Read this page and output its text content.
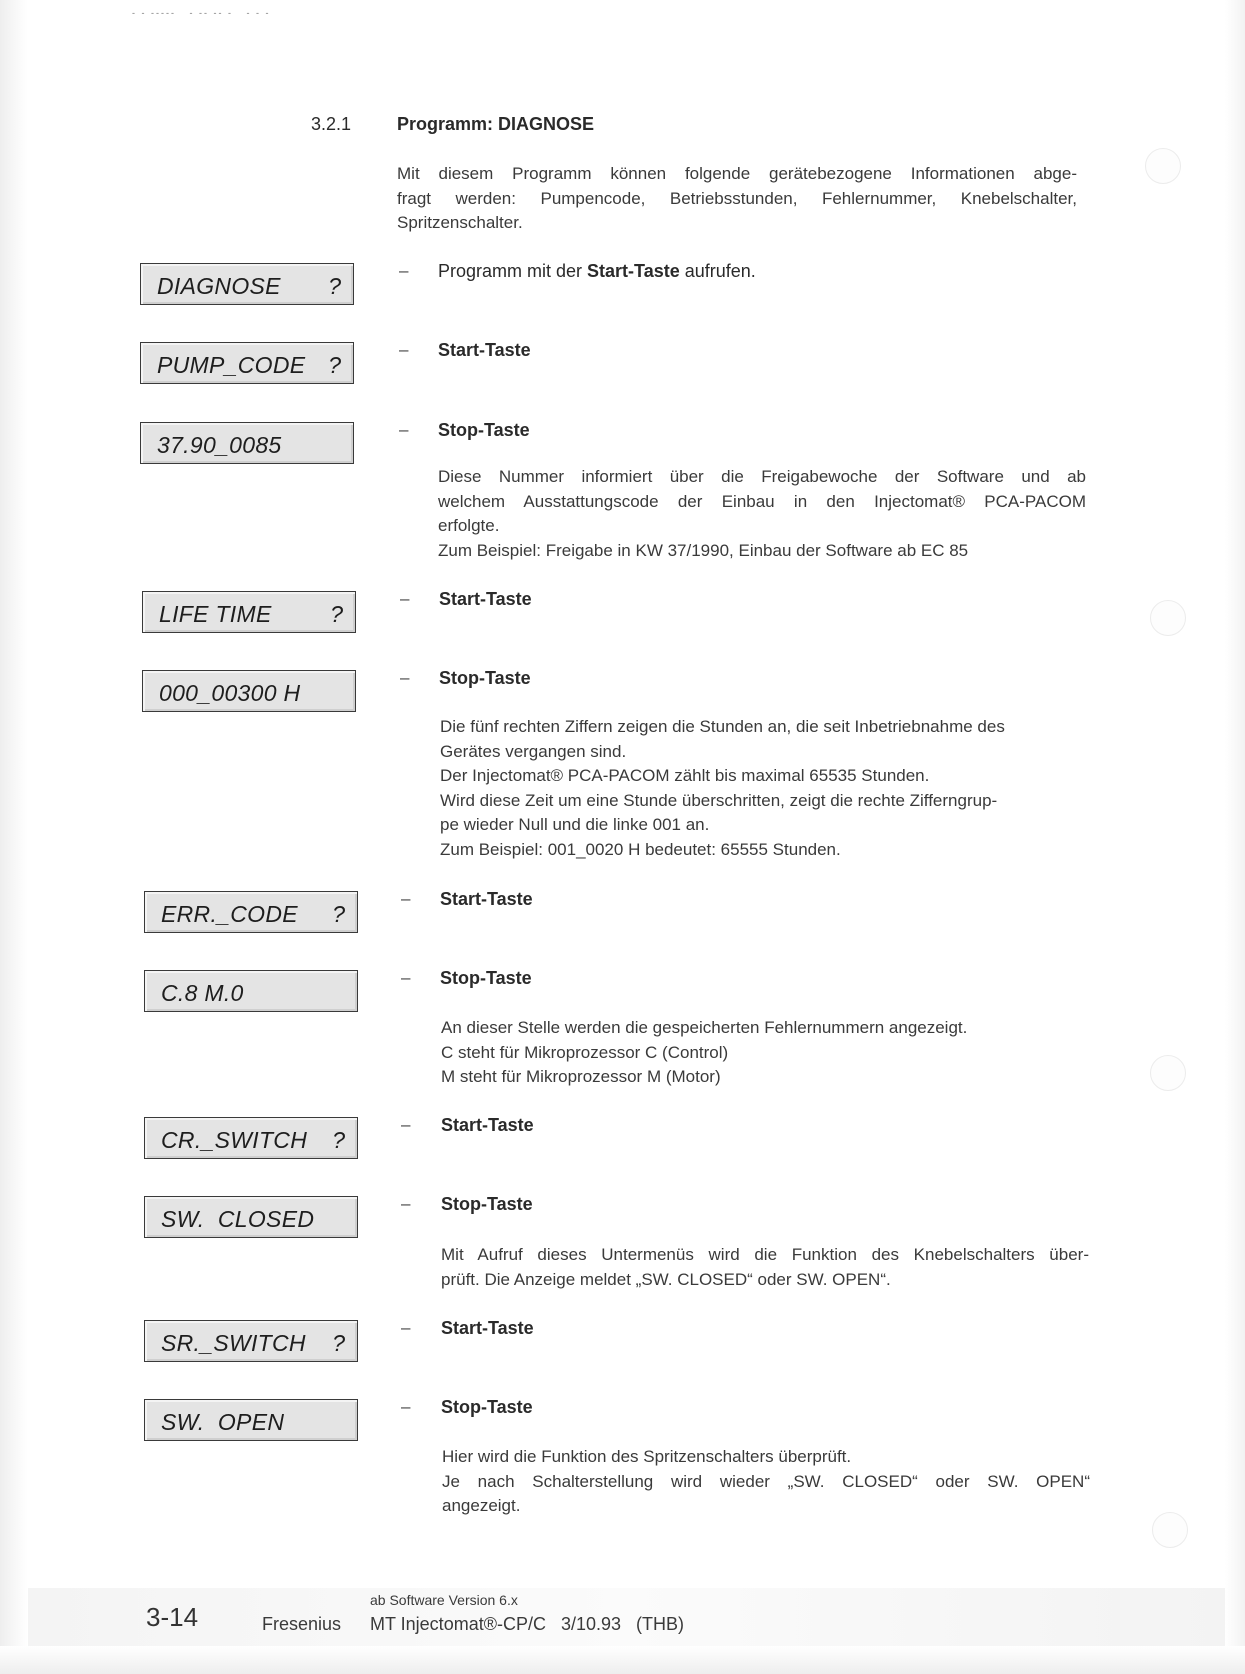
‐ ‐ ‐‐‐‐‐   ‐ ‐‐ ‐‐ ‐   ‐ ‐ ‐
3.2.1	Programm: DIAGNOSE
Mit diesem Programm können folgende gerätebezogene Informationen abge-
fragt werden: Pumpencode, Betriebsstunden, Fehlernummer, Knebelschalter,
Spritzenschalter.
DIAGNOSE ?
– Programm mit der Start-Taste aufrufen.
PUMP_CODE ?
– Start-Taste
37.90_0085
– Stop-Taste
Diese Nummer informiert über die Freigabewoche der Software und ab
welchem Ausstattungscode der Einbau in den Injectomat® PCA-PACOM
erfolgte.
Zum Beispiel: Freigabe in KW 37/1990, Einbau der Software ab EC 85
LIFE TIME	?
– Start-Taste
000_00300 H
– Stop-Taste
Die fünf rechten Ziffern zeigen die Stunden an, die seit Inbetriebnahme des
Gerätes vergangen sind.
Der Injectomat® PCA-PACOM zählt bis maximal 65535 Stunden.
Wird diese Zeit um eine Stunde überschritten, zeigt die rechte Zifferngrup-
pe wieder Null und die linke 001 an.
Zum Beispiel: 001_0020 H bedeutet: 65555 Stunden.
ERR._CODE ?
– Start-Taste
C.8 M.0
– Stop-Taste
An dieser Stelle werden die gespeicherten Fehlernummern angezeigt.
C steht für Mikroprozessor C (Control)
M steht für Mikroprozessor M (Motor)
CR._SWITCH ?
– Start-Taste
SW.  CLOSED
– Stop-Taste
Mit Aufruf dieses Untermenüs wird die Funktion des Knebelschalters über-
prüft. Die Anzeige meldet „SW. CLOSED“ oder SW. OPEN“.
SR._SWITCH ?
– Start-Taste
SW.  OPEN
– Stop-Taste
Hier wird die Funktion des Spritzenschalters überprüft.
Je nach Schalterstellung wird wieder „SW. CLOSED“ oder SW. OPEN“
angezeigt.
3-14	Fresenius
ab Software Version 6.x
MT Injectomat®-CP/C   3/10.93   (THB)
